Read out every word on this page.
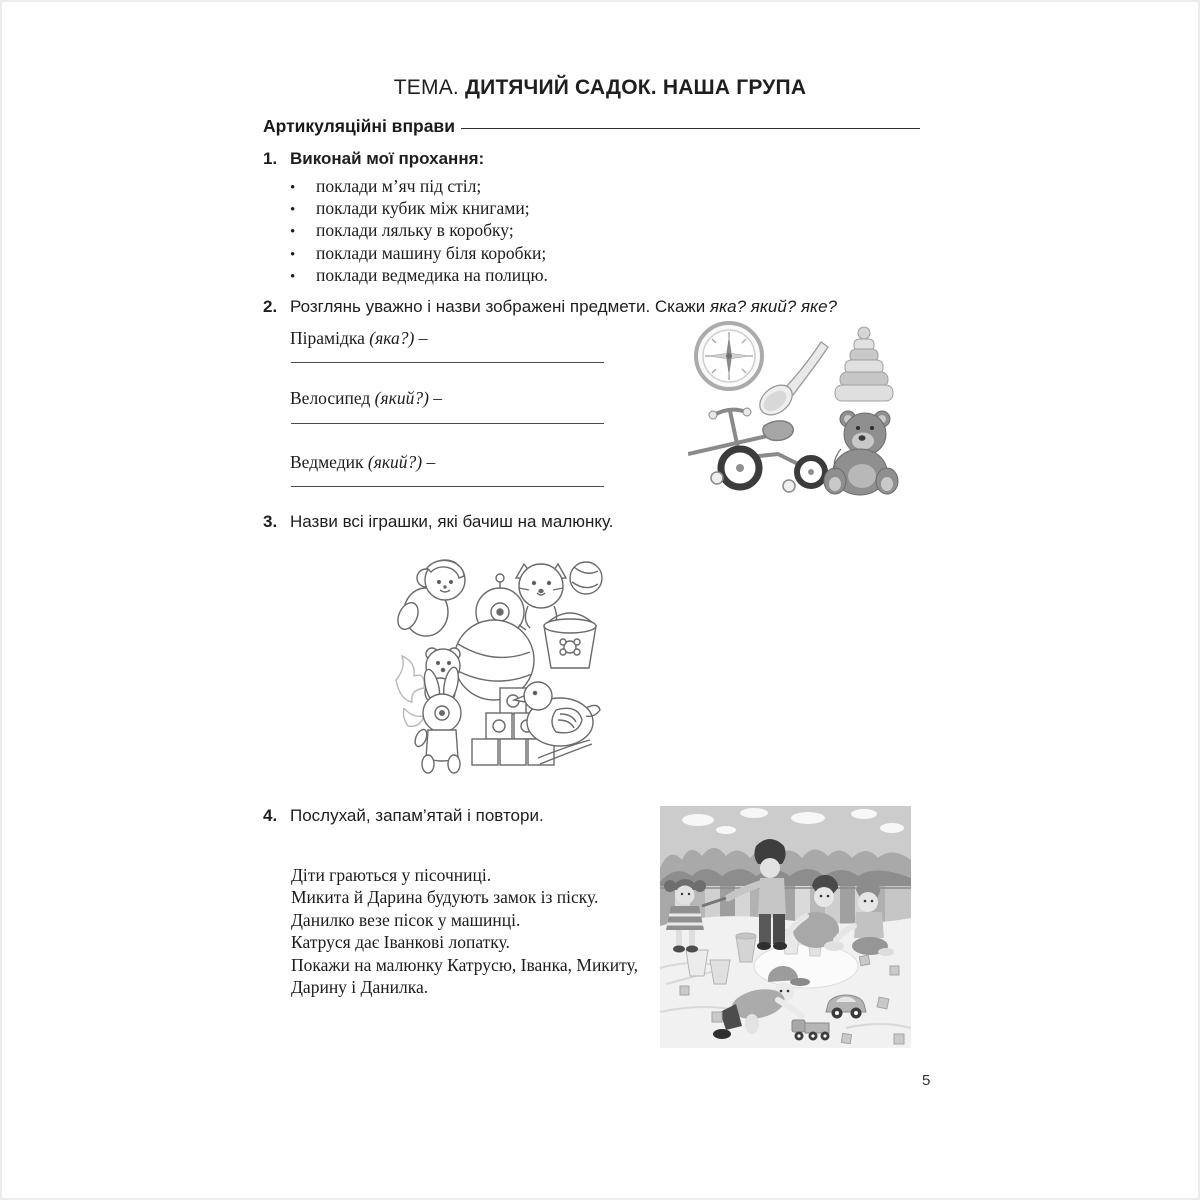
ТЕМА. ДИТЯЧИЙ САДОК. НАША ГРУПА
Артикуляційні вправи
1. Виконай мої прохання:
•	поклади м’яч під стіл;
•	поклади кубик між книгами;
•	поклади ляльку в коробку;
•	поклади машину біля коробки;
•	поклади ведмедика на полицю.
2. Розглянь уважно і назви зображені предмети. Скажи яка? який? яке?
Пірамідка (яка?) –
Велосипед (який?) –
Ведмедик (який?) –
3. Назви всі іграшки, які бачиш на малюнку.
4. Послухай, запам’ятай і повтори.
Діти граються у пісочниці.
Микита й Дарина будують замок із піску.
Данилко везе пісок у машинці.
Катруся дає Іванкові лопатку.
Покажи на малюнку Катрусю, Іванка, Микиту,
Дарину і Данилка.
5
